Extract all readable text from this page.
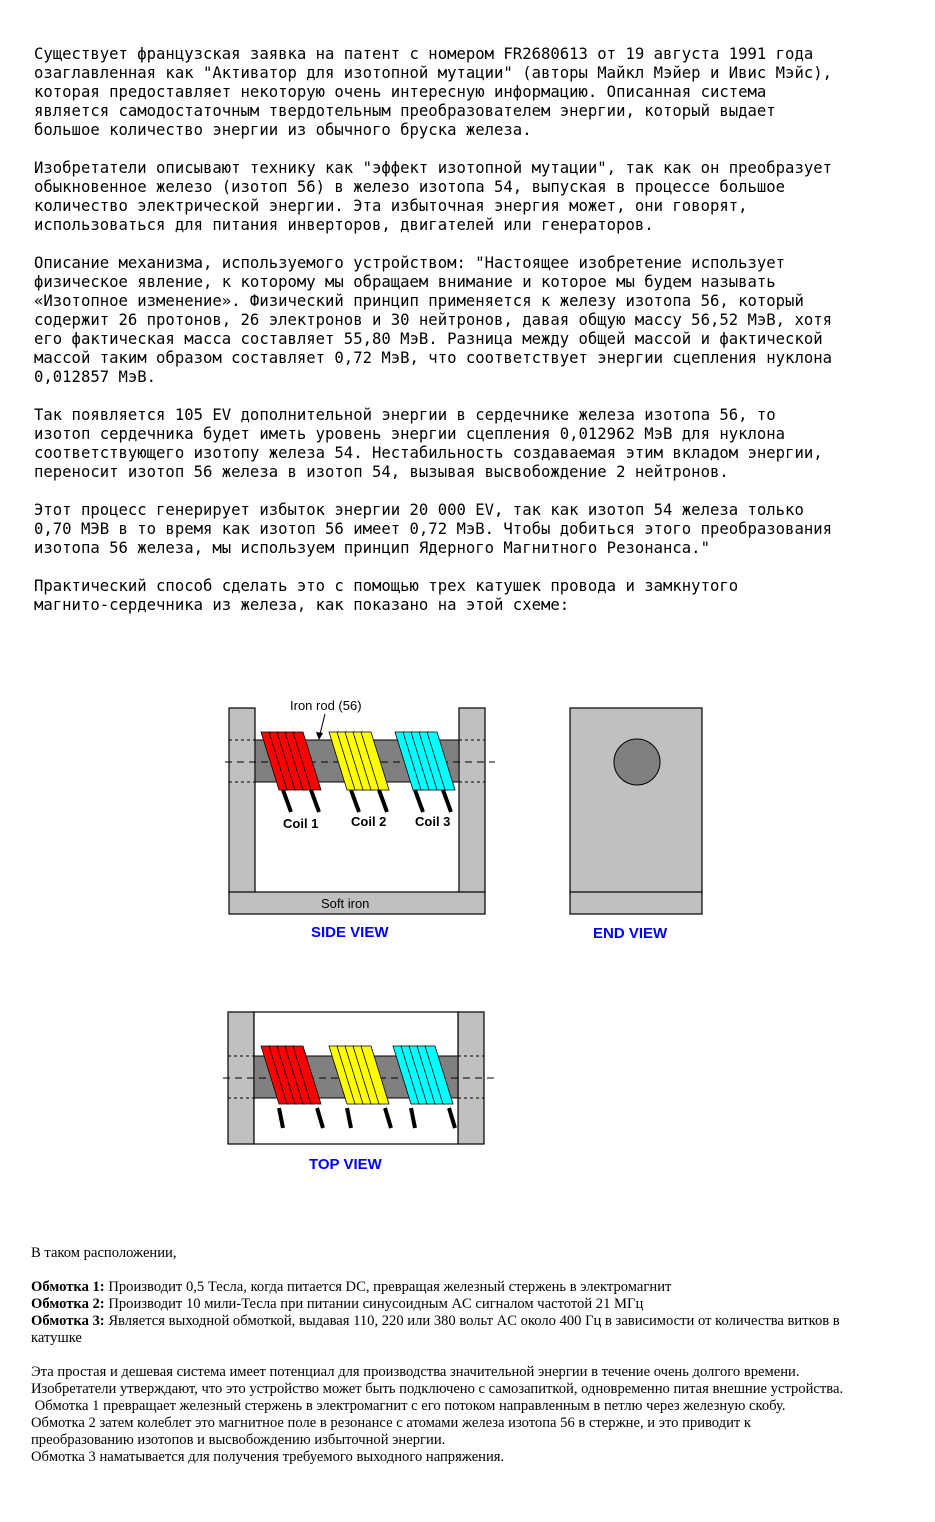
Существует французская заявка на патент с номером FR2680613 от 19 августа 1991 года
озаглавленная как "Активатор для изотопной мутации" (авторы Майкл Мэйер и Ивис Мэйс),
которая предоставляет некоторую очень интересную информацию. Описанная система
является самодостаточным твердотельным преобразователем энергии, который выдает
большое количество энергии из обычного бруска железа.

Изобретатели описывают технику как "эффект изотопной мутации", так как он преобразует
обыкновенное железо (изотоп 56) в железо изотопа 54, выпуская в процессе большое
количество электрической энергии. Эта избыточная энергия может, они говорят,
использоваться для питания инверторов, двигателей или генераторов.

Описание механизма, используемого устройством: "Настоящее изобретение использует
физическое явление, к которому мы обращаем внимание и которое мы будем называть
«Изотопное изменение». Физический принцип применяется к железу изотопа 56, который
содержит 26 протонов, 26 электронов и 30 нейтронов, давая общую массу 56,52 МэВ, хотя
его фактическая масса составляет 55,80 МэВ. Разница между общей массой и фактической
массой таким образом составляет 0,72 МэВ, что соответствует энергии сцепления нуклона
0,012857 МэВ.

Так появляется 105 EV дополнительной энергии в сердечнике железа изотопа 56, то
изотоп сердечника будет иметь уровень энергии сцепления 0,012962 МэВ для нуклона
соответствующего изотопу железа 54. Нестабильность создаваемая этим вкладом энергии,
переносит изотоп 56 железа в изотоп 54, вызывая высвобождение 2 нейтронов.

Этот процесс генерирует избыток энергии 20 000 EV, так как изотоп 54 железа только
0,70 МЭВ в то время как изотоп 56 имеет 0,72 МэВ. Чтобы добиться этого преобразования
изотопа 56 железа, мы используем принцип Ядерного Магнитного Резонанса."

Практический способ сделать это с помощью трех катушек провода и замкнутого
магнито-сердечника из железа, как показано на этой схеме:

Iron rod (56)
Coil 1	Coil 2 Coil 3
Soft iron
SIDE VIEW	END VIEW
TOP VIEW

В таком расположении,

Обмотка 1: Производит 0,5 Тесла, когда питается DC, превращая железный стержень в электромагнит
Обмотка 2: Производит 10 мили-Тесла при питании синусоидным AC сигналом частотой 21 МГц
Обмотка 3: Является выходной обмоткой, выдавая 110, 220 или 380 вольт AC около 400 Гц в зависимости от количества витков в катушке
Эта простая и дешевая система имеет потенциал для производства значительной энергии в течение очень долгого времени.
Изобретатели утверждают, что это устройство может быть подключено с самозапиткой, одновременно питая внешние устройства.
Обмотка 1 превращает железный стержень в электромагнит с его потоком направленным в петлю через железную скобу.
Обмотка 2 затем колеблет это магнитное поле в резонансе с атомами железа изотопа 56 в стержне, и это приводит к преобразованию изотопов и высвобождению избыточной энергии.
Обмотка 3 наматывается для получения требуемого выходного напряжения.
